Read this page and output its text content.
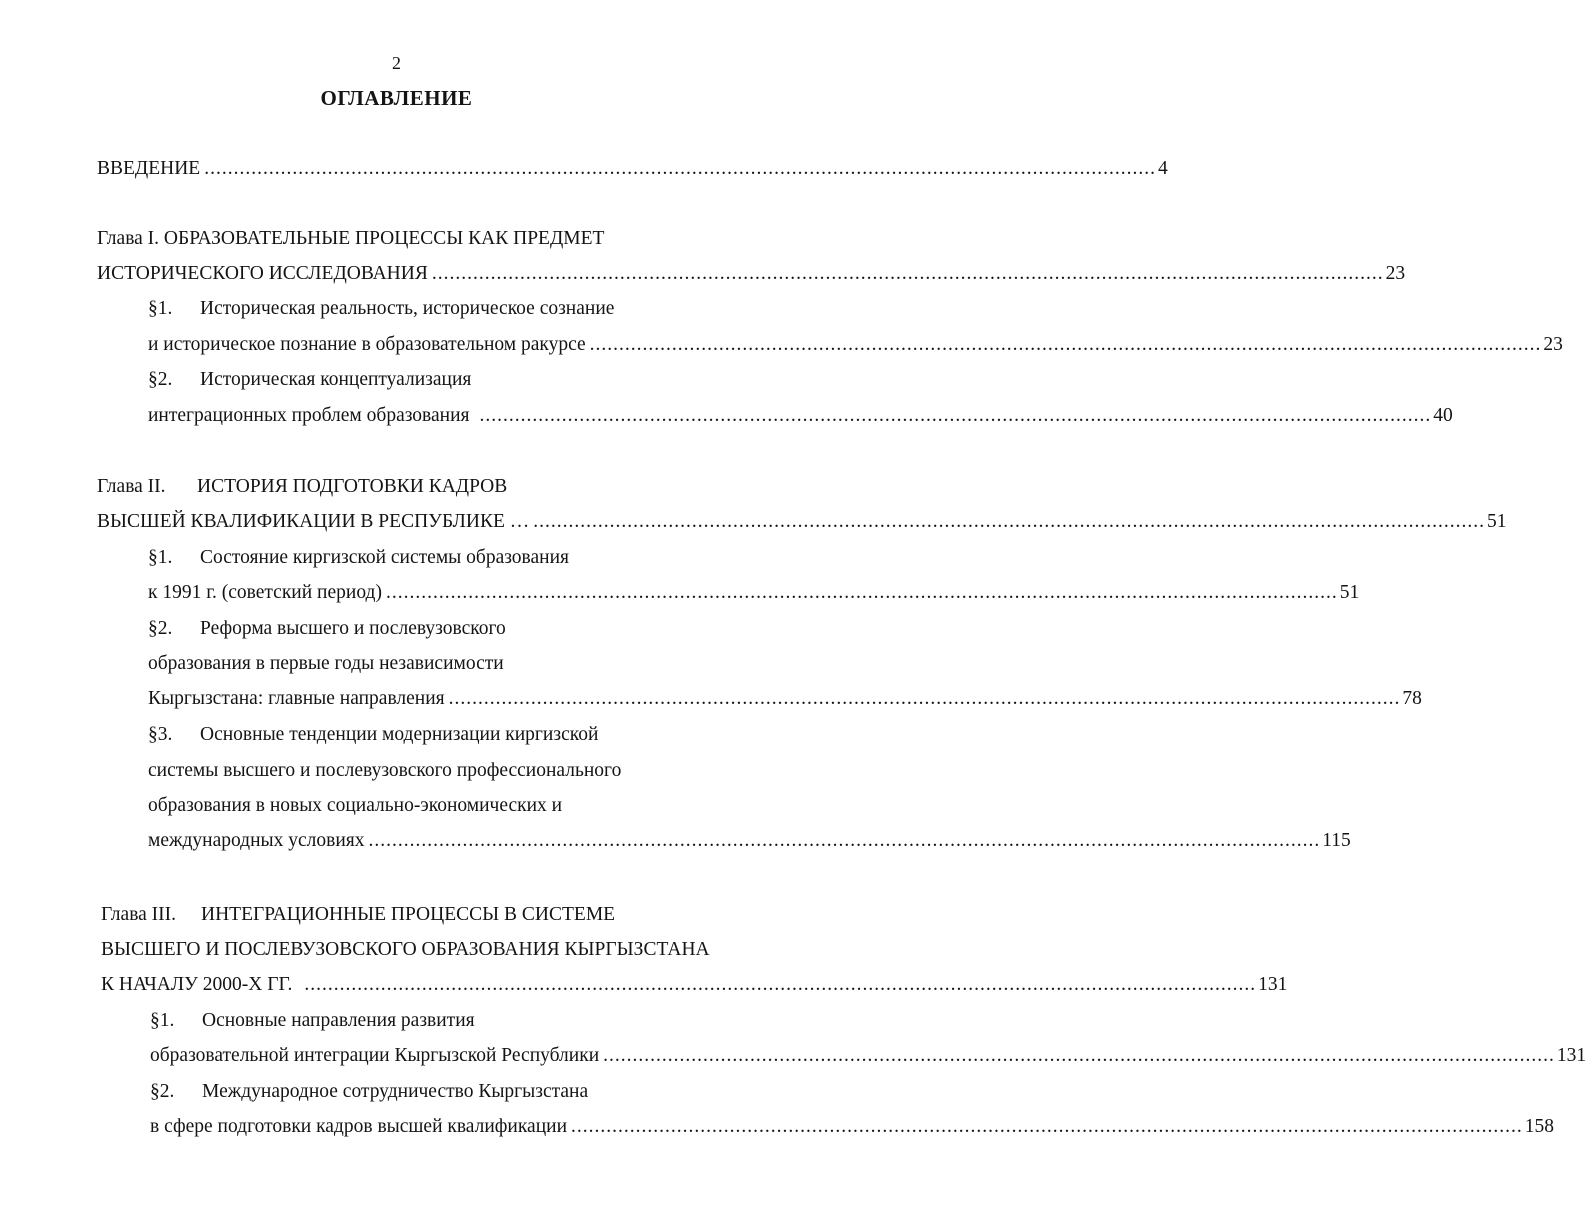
2
ОГЛАВЛЕНИЕ
ВВЕДЕНИЕ .................................................................................................................................................................. 4
Глава I. ОБРАЗОВАТЕЛЬНЫЕ ПРОЦЕССЫ КАК ПРЕДМЕТ
ИСТОРИЧЕСКОГО ИССЛЕДОВАНИЯ .................................................................................................................................................................. 23
§1. Историческая реальность, историческое сознание
и историческое познание в образовательном ракурсе .................................................................................................................................................................. 23
§2. Историческая концептуализация
интеграционных проблем образования .................................................................................................................................................................. 40
Глава II. ИСТОРИЯ ПОДГОТОВКИ КАДРОВ
ВЫСШЕЙ КВАЛИФИКАЦИИ В РЕСПУБЛИКЕ … .................................................................................................................................................................. 51
§1. Состояние киргизской системы образования
к 1991 г. (советский период) .................................................................................................................................................................. 51
§2. Реформа высшего и послевузовского
образования в первые годы независимости
Кыргызстана: главные направления .................................................................................................................................................................. 78
§3. Основные тенденции модернизации киргизской
системы высшего и послевузовского профессионального
образования в новых социально-экономических и
международных условиях .................................................................................................................................................................. 115
Глава III. ИНТЕГРАЦИОННЫЕ ПРОЦЕССЫ В СИСТЕМЕ
ВЫСШЕГО И ПОСЛЕВУЗОВСКОГО ОБРАЗОВАНИЯ КЫРГЫЗСТАНА
К НАЧАЛУ 2000-Х ГГ. .................................................................................................................................................................. 131
§1. Основные направления развития
образовательной интеграции Кыргызской Республики .................................................................................................................................................................. 131
§2. Международное сотрудничество Кыргызстана
в сфере подготовки кадров высшей квалификации .................................................................................................................................................................. 158
